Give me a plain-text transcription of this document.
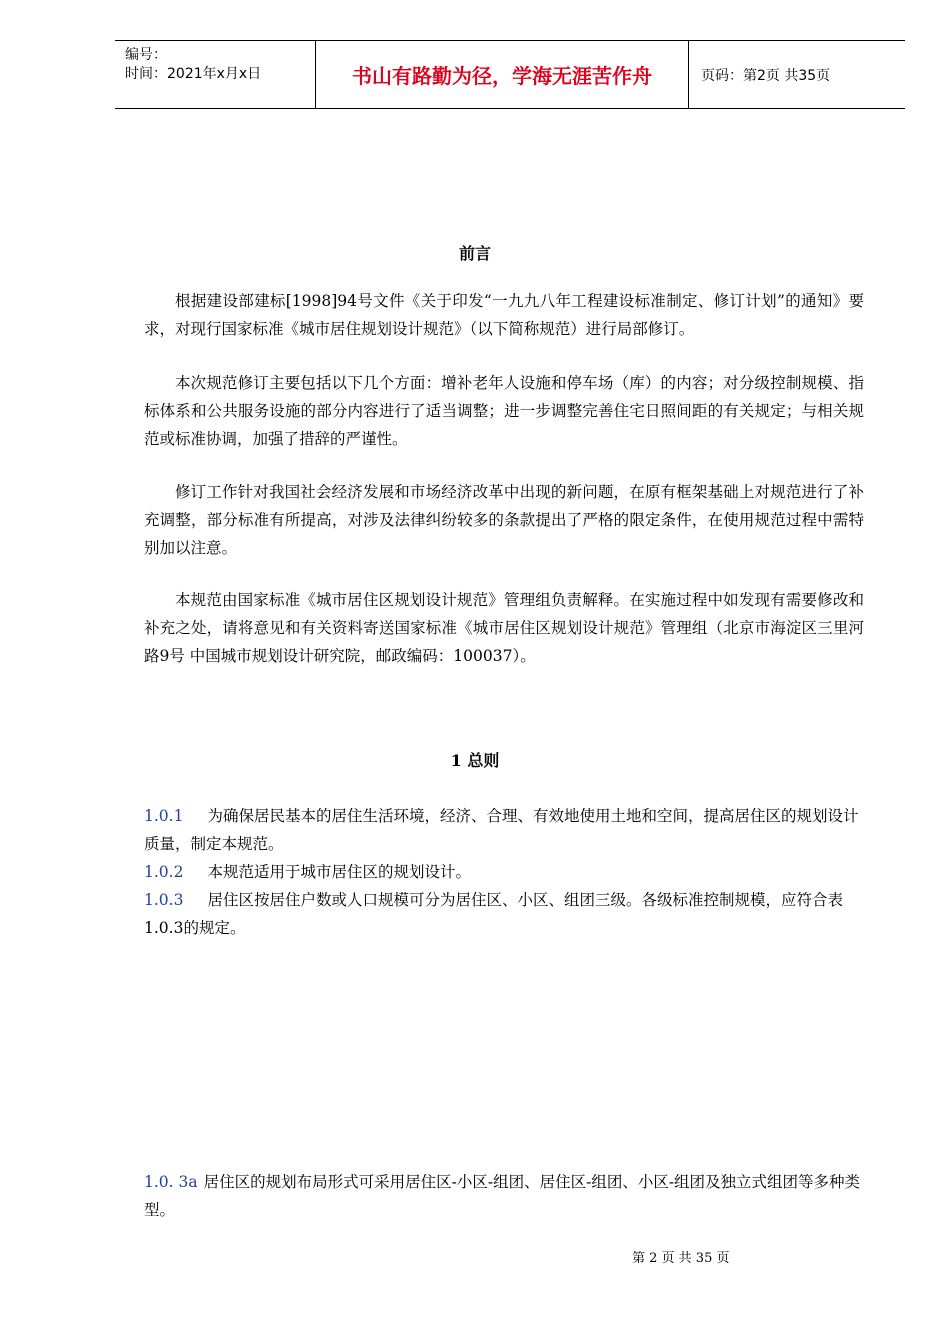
编号：
时间：2021年x月x日	书山有路勤为径，学海无涯苦作舟	页码：第2页 共35页
前言

根据建设部建标[1998]94号文件《关于印发“一九九八年工程建设标准制定、修订计划”的通知》要求，对现行国家标准《城市居住规划设计规范》（以下简称规范）进行局部修订。

本次规范修订主要包括以下几个方面：增补老年人设施和停车场（库）的内容；对分级控制规模、指标体系和公共服务设施的部分内容进行了适当调整；进一步调整完善住宅日照间距的有关规定；与相关规范或标准协调，加强了措辞的严谨性。

修订工作针对我国社会经济发展和市场经济改革中出现的新问题，在原有框架基础上对规范进行了补充调整，部分标准有所提高，对涉及法律纠纷较多的条款提出了严格的限定条件，在使用规范过程中需特别加以注意。

本规范由国家标准《城市居住区规划设计规范》管理组负责解释。在实施过程中如发现有需要修改和补充之处，请将意见和有关资料寄送国家标准《城市居住区规划设计规范》管理组（北京市海淀区三里河路9号 中国城市规划设计研究院，邮政编码：100037）。

1 总则
1.0.1 为确保居民基本的居住生活环境，经济、合理、有效地使用土地和空间，提高居住区的规划设计质量，制定本规范。
1.0.2 本规范适用于城市居住区的规划设计。
1.0.3 居住区按居住户数或人口规模可分为居住区、小区、组团三级。各级标准控制规模，应符合表1.0.3的规定。
1.0. 3a 居住区的规划布局形式可采用居住区-小区-组团、居住区-组团、小区-组团及独立式组团等多种类型。
第 2 页 共 35 页
